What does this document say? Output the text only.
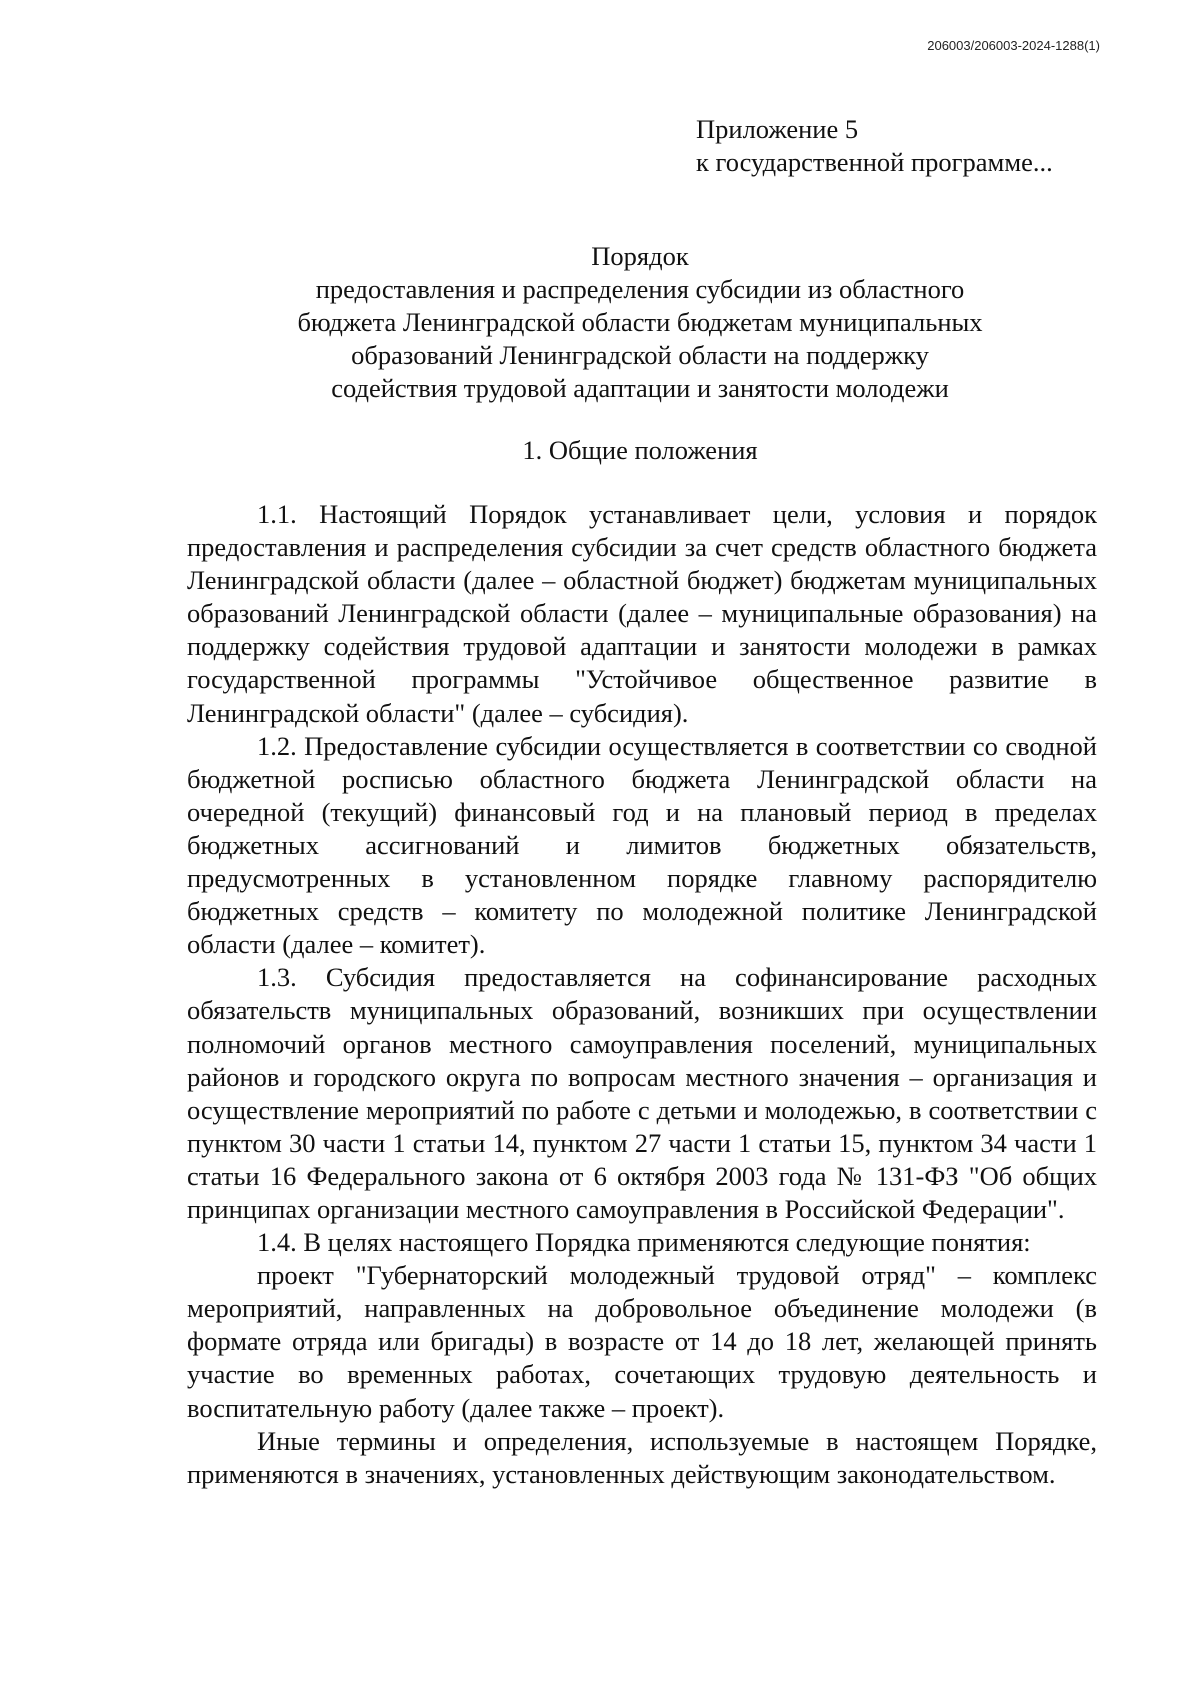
206003/206003-2024-1288(1)
Приложение 5
к государственной программе...
Порядок
предоставления и распределения субсидии из областного
бюджета Ленинградской области бюджетам муниципальных
образований Ленинградской области на поддержку
содействия трудовой адаптации и занятости молодежи
1. Общие положения

1.1. Настоящий Порядок устанавливает цели, условия и порядок предоставления и распределения субсидии за счет средств областного бюджета Ленинградской области (далее – областной бюджет) бюджетам муниципальных образований Ленинградской области (далее – муниципальные образования) на поддержку содействия трудовой адаптации и занятости молодежи в рамках государственной программы "Устойчивое общественное развитие в Ленинградской области" (далее – субсидия).

1.2. Предоставление субсидии осуществляется в соответствии со сводной бюджетной росписью областного бюджета Ленинградской области на очередной (текущий) финансовый год и на плановый период в пределах бюджетных ассигнований и лимитов бюджетных обязательств, предусмотренных в установленном порядке главному распорядителю бюджетных средств – комитету по молодежной политике Ленинградской области (далее – комитет).

1.3. Субсидия предоставляется на софинансирование расходных обязательств муниципальных образований, возникших при осуществлении полномочий органов местного самоуправления поселений, муниципальных районов и городского округа по вопросам местного значения – организация и осуществление мероприятий по работе с детьми и молодежью, в соответствии с пунктом 30 части 1 статьи 14, пунктом 27 части 1 статьи 15, пунктом 34 части 1 статьи 16 Федерального закона от 6 октября 2003 года № 131-ФЗ "Об общих принципах организации местного самоуправления в Российской Федерации".

1.4. В целях настоящего Порядка применяются следующие понятия:

проект "Губернаторский молодежный трудовой отряд" – комплекс мероприятий, направленных на добровольное объединение молодежи (в формате отряда или бригады) в возрасте от 14 до 18 лет, желающей принять участие во временных работах, сочетающих трудовую деятельность и воспитательную работу (далее также – проект).

Иные термины и определения, используемые в настоящем Порядке, применяются в значениях, установленных действующим законодательством.
